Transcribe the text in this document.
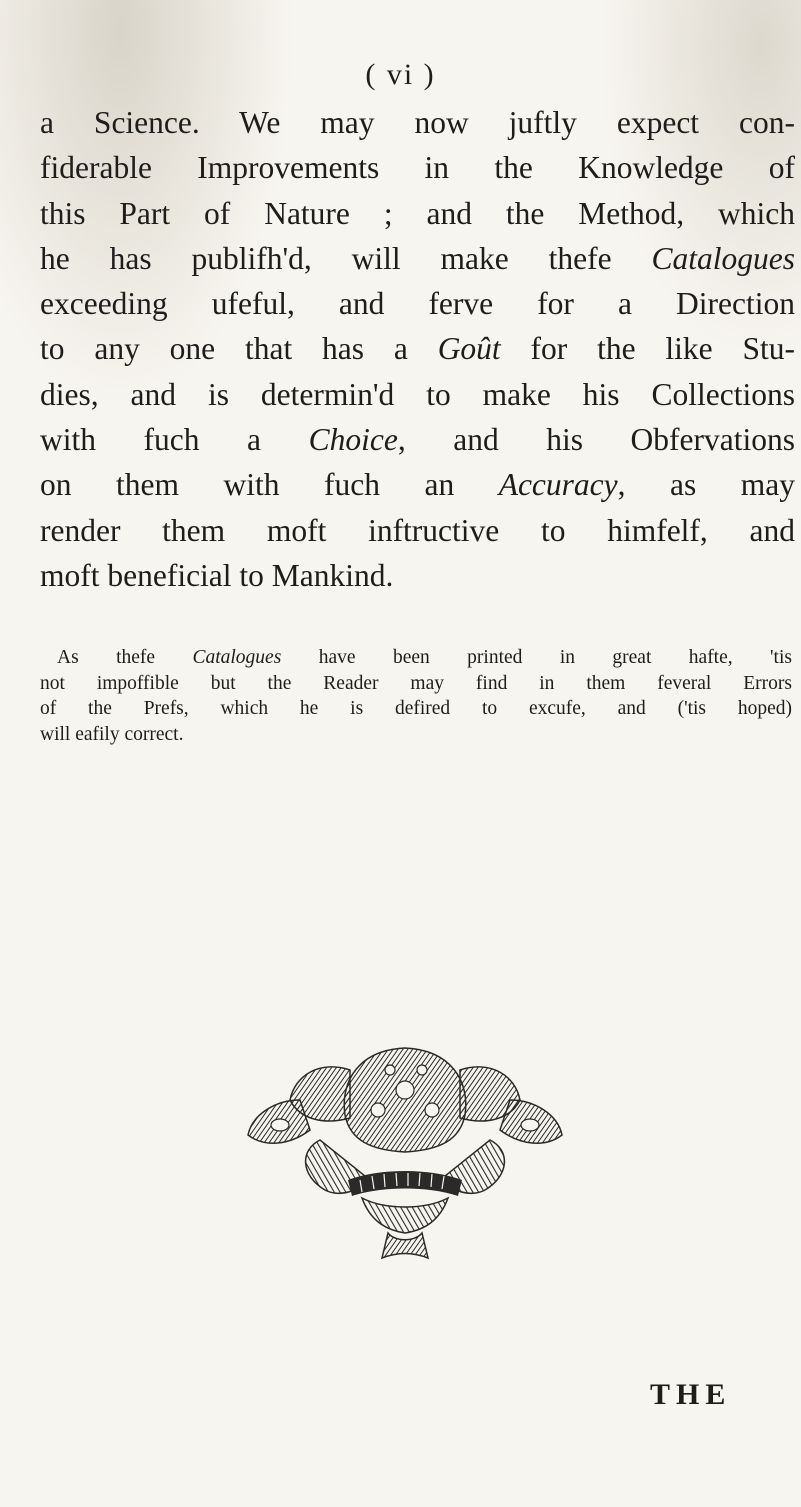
( vi )
a Science. We may now juftly expect con-
fiderable Improvements in the Knowledge of
this Part of Nature ; and the Method, which
he has publifh'd, will make thefe Catalogues
exceeding ufeful, and ferve for a Direction
to any one that has a Goût for the like Stu-
dies, and is determin'd to make his Collections
with fuch a Choice, and his Obfervations
on them with fuch an Accuracy, as may
render them moft inftructive to himfelf, and
moft beneficial to Mankind.
As thefe Catalogues have been printed in great hafte, 'tis
not impoffible but the Reader may find in them feveral Errors
of the Prefs, which he is defired to excufe, and ('tis hoped)
will eafily correct.
THE
